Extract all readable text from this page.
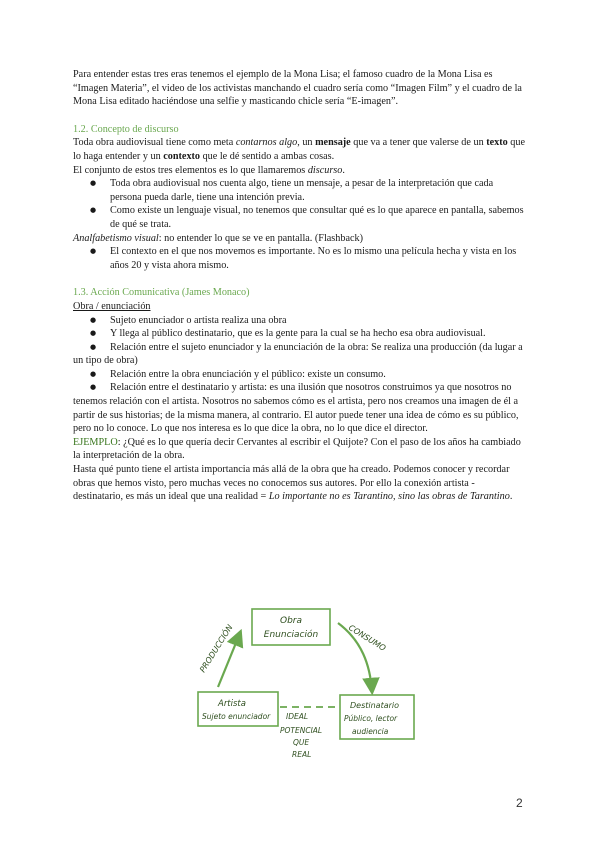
Para entender estas tres eras tenemos el ejemplo de la Mona Lisa; el famoso cuadro de la Mona Lisa es “Imagen Materia”, el video de los activistas manchando el cuadro sería como “Imagen Film” y el cuadro de la Mona Lisa editado haciéndose una selfie y masticando chicle sería “E-imagen”.

1.2. Concepto de discurso

Toda obra audiovisual tiene como meta contarnos algo, un mensaje que va a tener que valerse de un texto que lo haga entender y un contexto que le dé sentido a ambas cosas.

El conjunto de estos tres elementos es lo que llamaremos discurso.

● Toda obra audiovisual nos cuenta algo, tiene un mensaje, a pesar de la interpretación que cada persona pueda darle, tiene una intención previa.
● Como existe un lenguaje visual, no tenemos que consultar qué es lo que aparece en pantalla, sabemos de qué se trata.

Analfabetismo visual: no entender lo que se ve en pantalla. (Flashback)

● El contexto en el que nos movemos es importante. No es lo mismo una película hecha y vista en los años 20 y vista ahora mismo.

1.3. Acción Comunicativa (James Monaco)

Obra / enunciación

● Sujeto enunciador o artista realiza una obra
● Y llega al público destinatario, que es la gente para la cual se ha hecho esa obra audiovisual.
● Relación entre el sujeto enunciador y la enunciación de la obra: Se realiza una producción (da lugar a un tipo de obra)
● Relación entre la obra enunciación y el público: existe un consumo.
● Relación entre el destinatario y artista: es una ilusión que nosotros construimos ya que nosotros no tenemos relación con el artista. Nosotros no sabemos cómo es el artista, pero nos creamos una imagen de él a partir de sus historias; de la misma manera, al contrario. El autor puede tener una idea de cómo es su público, pero no lo conoce. Lo que nos interesa es lo que dice la obra, no lo que dice el director.

EJEMPLO: ¿Qué es lo que quería decir Cervantes al escribir el Quijote? Con el paso de los años ha cambiado la interpretación de la obra.

Hasta qué punto tiene el artista importancia más allá de la obra que ha creado. Podemos conocer y recordar obras que hemos visto, pero muchas veces no conocemos sus autores. Por ello la conexión artista - destinatario, es más un ideal que una realidad = Lo importante no es Tarantino, sino las obras de Tarantino.

Obra
Enunciación
Artista
Sujeto enunciador
Destinatario
Público, lector
audiencia
PRODUCCIÓN	CONSUMO
IDEAL
POTENCIAL
QUE
REAL
2
